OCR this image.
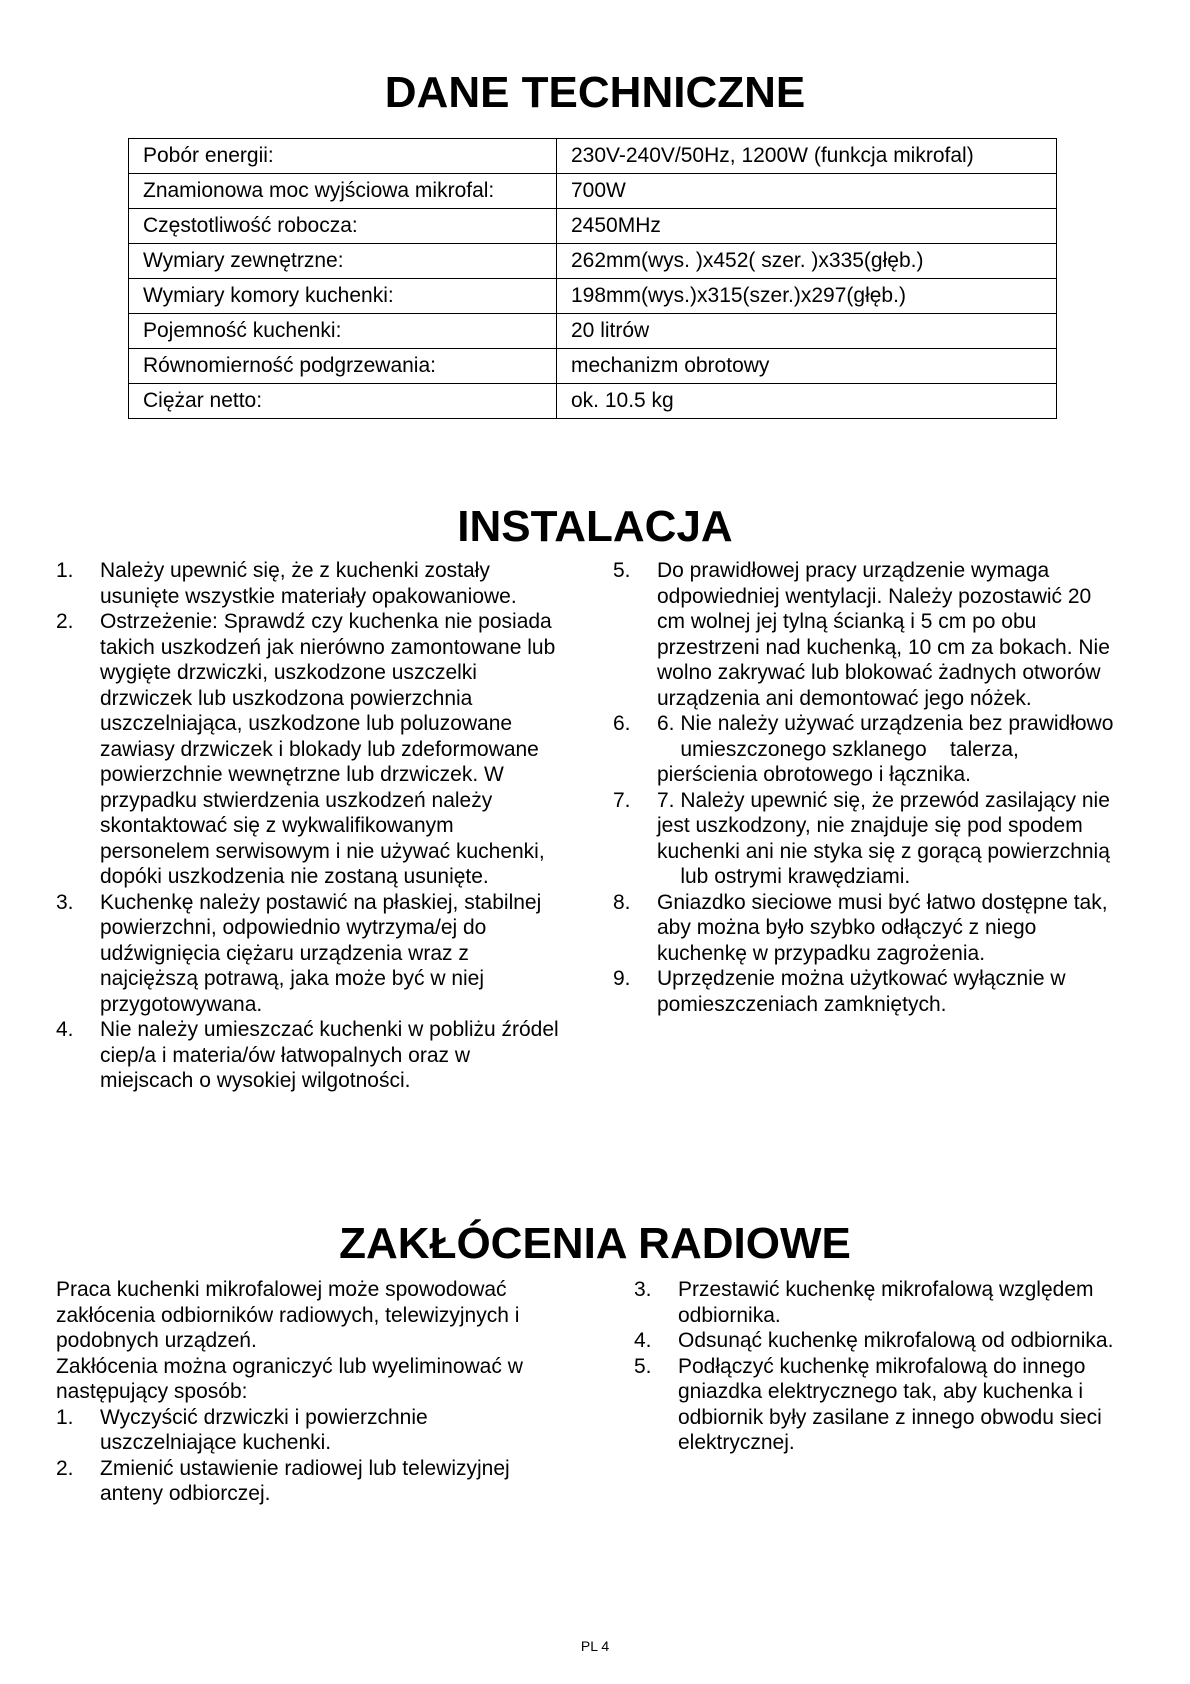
DANE TECHNICZNE
Pobór energii:	230V-240V/50Hz, 1200W (funkcja mikrofal)
Znamionowa moc wyjściowa mikrofal:	700W
Częstotliwość robocza:	2450MHz
Wymiary zewnętrzne:	262mm(wys. )x452( szer. )x335(głęb.)
Wymiary komory kuchenki:	198mm(wys.)x315(szer.)x297(głęb.)
Pojemność kuchenki:	20 litrów
Równomierność podgrzewania:	mechanizm obrotowy
Ciężar netto:	ok. 10.5 kg
INSTALACJA
1. Należy upewnić się, że z kuchenki zostały
usunięte wszystkie materiały opakowaniowe.
2. Ostrzeżenie: Sprawdź czy kuchenka nie posiada
takich uszkodzeń jak nierówno zamontowane lub
wygięte drzwiczki, uszkodzone uszczelki
drzwiczek lub uszkodzona powierzchnia
uszczelniająca, uszkodzone lub poluzowane
zawiasy drzwiczek i blokady lub zdeformowane
powierzchnie wewnętrzne lub drzwiczek. W
przypadku stwierdzenia uszkodzeń należy
skontaktować się z wykwalifikowanym
personelem serwisowym i nie używać kuchenki,
dopóki uszkodzenia nie zostaną usunięte.
3. Kuchenkę należy postawić na płaskiej, stabilnej
powierzchni, odpowiednio wytrzyma/ej do
udźwignięcia ciężaru urządzenia wraz z
najcięższą potrawą, jaka może być w niej
przygotowywana.
4. Nie należy umieszczać kuchenki w pobliżu źródel
ciep/a i materia/ów łatwopalnych oraz w
miejscach o wysokiej wilgotności.
5. Do prawidłowej pracy urządzenie wymaga
odpowiedniej wentylacji. Należy pozostawić 20
cm wolnej jej tylną ścianką i 5 cm po obu
przestrzeni nad kuchenką, 10 cm za bokach. Nie
wolno zakrywać lub blokować żadnych otworów
urządzenia ani demontować jego nóżek.
6. 6. Nie należy używać urządzenia bez prawidłowo
umieszczonego szklanego    talerza,
pierścienia obrotowego i łącznika.
7. 7. Należy upewnić się, że przewód zasilający nie
jest uszkodzony, nie znajduje się pod spodem
kuchenki ani nie styka się z gorącą powierzchnią
lub ostrymi krawędziami.
8. Gniazdko sieciowe musi być łatwo dostępne tak,
aby można było szybko odłączyć z niego
kuchenkę w przypadku zagrożenia.
9. Uprzędzenie można użytkować wyłącznie w
pomieszczeniach zamkniętych.
ZAKŁÓCENIA RADIOWE
Praca kuchenki mikrofalowej może spowodować
zakłócenia odbiorników radiowych, telewizyjnych i
podobnych urządzeń.
Zakłócenia można ograniczyć lub wyeliminować w
następujący sposób:
1. Wyczyścić drzwiczki i powierzchnie
uszczelniające kuchenki.
2. Zmienić ustawienie radiowej lub telewizyjnej
anteny odbiorczej.
3. Przestawić kuchenkę mikrofalową względem
odbiornika.
4. Odsunąć kuchenkę mikrofalową od odbiornika.
5. Podłączyć kuchenkę mikrofalową do innego
gniazdka elektrycznego tak, aby kuchenka i
odbiornik były zasilane z innego obwodu sieci
elektrycznej.
PL 4
